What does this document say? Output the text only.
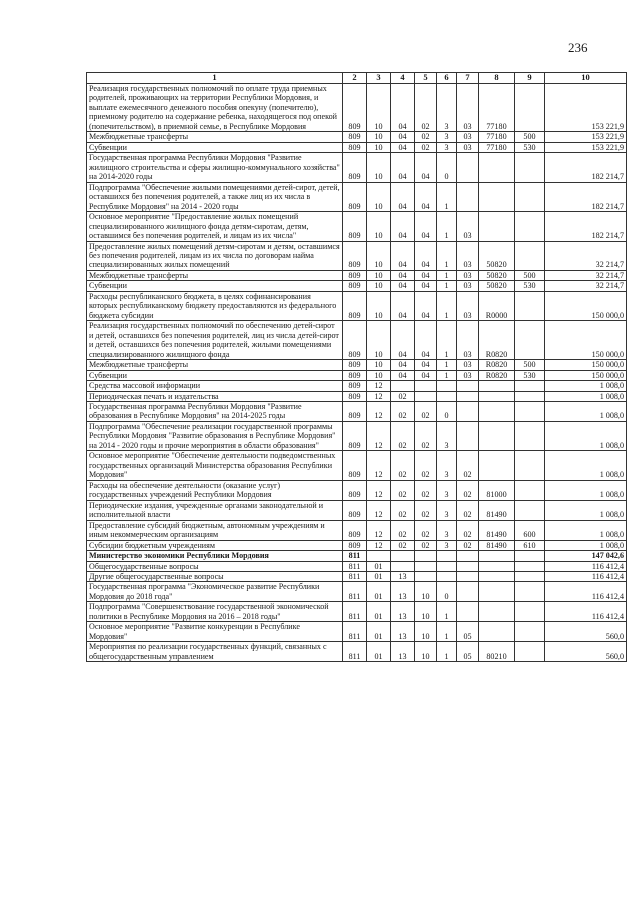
236
1	2	3	4	5	6	7	8	9	10
Реализация государственных полномочий по оплате труда приемных родителей, проживающих на территории Республики Мордовия, и выплате ежемесячного денежного пособия опекуну (попечителю), приемному родителю на содержание ребенка, находящегося под опекой (попечительством), в приемной семье, в Республике Мордовия	809	10	04	02	3	03	77180		153 221,9
Межбюджетные трансферты	809	10	04	02	3	03	77180	500	153 221,9
Субвенции	809	10	04	02	3	03	77180	530	153 221,9
Государственная программа Республики Мордовия "Развитие жилищного строительства и сферы жилищно-коммунального хозяйства" на 2014-2020 годы	809	10	04	04	0				182 214,7
Подпрограмма "Обеспечение жилыми помещениями детей-сирот, детей, оставшихся без попечения родителей, а также лиц из их числа в Республике Мордовия" на 2014 - 2020 годы	809	10	04	04	1				182 214,7
Основное мероприятие "Предоставление жилых помещений специализированного жилищного фонда детям-сиротам, детям, оставшимся без попечения родителей, и лицам из их числа"	809	10	04	04	1	03			182 214,7
Предоставление жилых помещений детям-сиротам и детям, оставшимся без попечения родителей, лицам из их числа по договорам найма специализированных жилых помещений	809	10	04	04	1	03	50820		32 214,7
Межбюджетные трансферты	809	10	04	04	1	03	50820	500	32 214,7
Субвенции	809	10	04	04	1	03	50820	530	32 214,7
Расходы республиканского бюджета, в целях софинансирования которых республиканскому бюджету предоставляются из федерального бюджета субсидии	809	10	04	04	1	03	R0000		150 000,0
Реализация государственных полномочий по обеспечению детей-сирот и детей, оставшихся без попечения родителей, лиц из числа детей-сирот и детей, оставшихся без попечения родителей, жилыми помещениями специализированного жилищного фонда	809	10	04	04	1	03	R0820		150 000,0
Межбюджетные трансферты	809	10	04	04	1	03	R0820	500	150 000,0
Субвенции	809	10	04	04	1	03	R0820	530	150 000,0
Средства массовой информации	809	12							1 008,0
Периодическая печать и издательства	809	12	02						1 008,0
Государственная программа Республики Мордовия "Развитие образования в Республике Мордовия" на 2014-2025 годы	809	12	02	02	0				1 008,0
Подпрограмма "Обеспечение реализации государственной программы Республики Мордовия "Развитие образования в Республике Мордовия" на 2014 - 2020 годы и прочие мероприятия в области образования"	809	12	02	02	3				1 008,0
Основное мероприятие "Обеспечение деятельности подведомственных государственных организаций Министерства образования Республики Мордовия"	809	12	02	02	3	02			1 008,0
Расходы на обеспечение деятельности (оказание услуг) государственных учреждений Республики Мордовия	809	12	02	02	3	02	81000		1 008,0
Периодические издания, учрежденные органами законодательной и исполнительной власти	809	12	02	02	3	02	81490		1 008,0
Предоставление субсидий бюджетным, автономным учреждениям и иным некоммерческим организациям	809	12	02	02	3	02	81490	600	1 008,0
Субсидии бюджетным учреждениям	809	12	02	02	3	02	81490	610	1 008,0
Министерство экономики Республики Мордовия	811								147 042,6
Общегосударственные вопросы	811	01							116 412,4
Другие общегосударственные вопросы	811	01	13						116 412,4
Государственная программа "Экономическое развитие Республики Мордовия до 2018 года"	811	01	13	10	0				116 412,4
Подпрограмма "Совершенствование государственной экономической политики в Республике Мордовия на 2016 – 2018 годы"	811	01	13	10	1				116 412,4
Основное мероприятие "Развитие конкуренции в Республике Мордовия"	811	01	13	10	1	05			560,0
Мероприятия по реализации государственных функций, связанных с общегосударственным управлением	811	01	13	10	1	05	80210		560,0
